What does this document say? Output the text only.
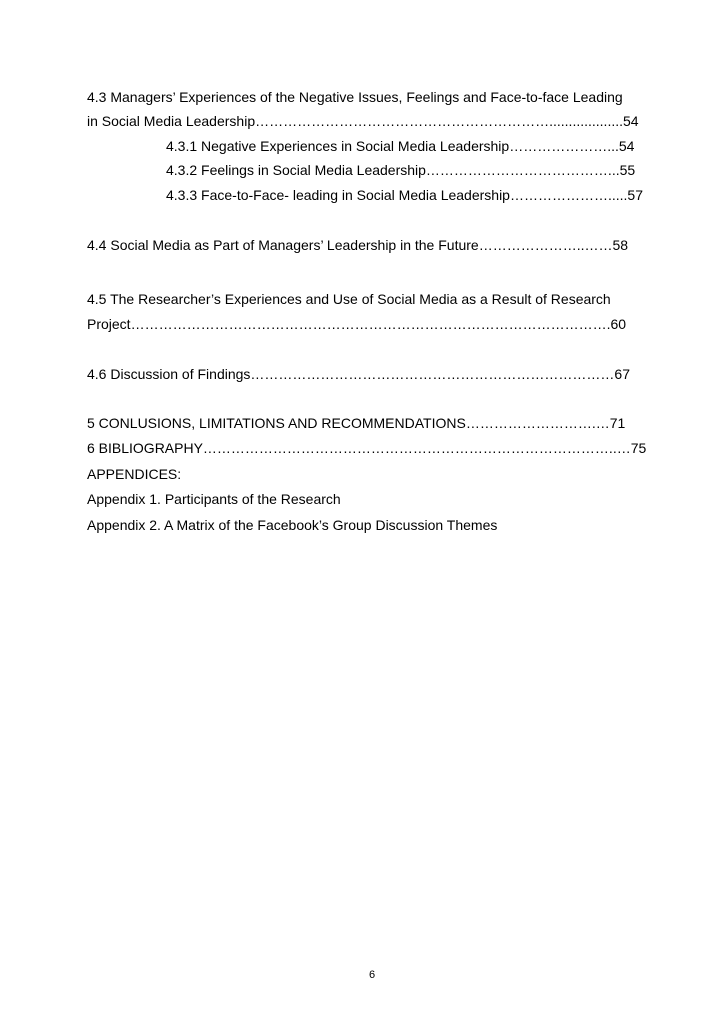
4.3 Managers’ Experiences of the Negative Issues, Feelings and Face-to-face Leading
in Social Media Leadership………………………………………………………...................54
4.3.1 Negative Experiences in Social Media Leadership…………………...54
4.3.2 Feelings in Social Media Leadership…………………………………...55
4.3.3 Face-to-Face- leading in Social Media Leadership………………….....57
4.4 Social Media as Part of Managers’ Leadership in the Future…………………..……58
4.5 The Researcher’s Experiences and Use of Social Media as a Result of Research
Project………………………………………………………………………………………….60
4.6 Discussion of Findings……………………………………………………………………67
5 CONLUSIONS, LIMITATIONS AND RECOMMENDATIONS……………………….…71
6 BIBLIOGRAPHY……………………………………………………………………………..…75
APPENDICES:
Appendix 1. Participants of the Research
Appendix 2. A Matrix of the Facebook’s Group Discussion Themes
6
